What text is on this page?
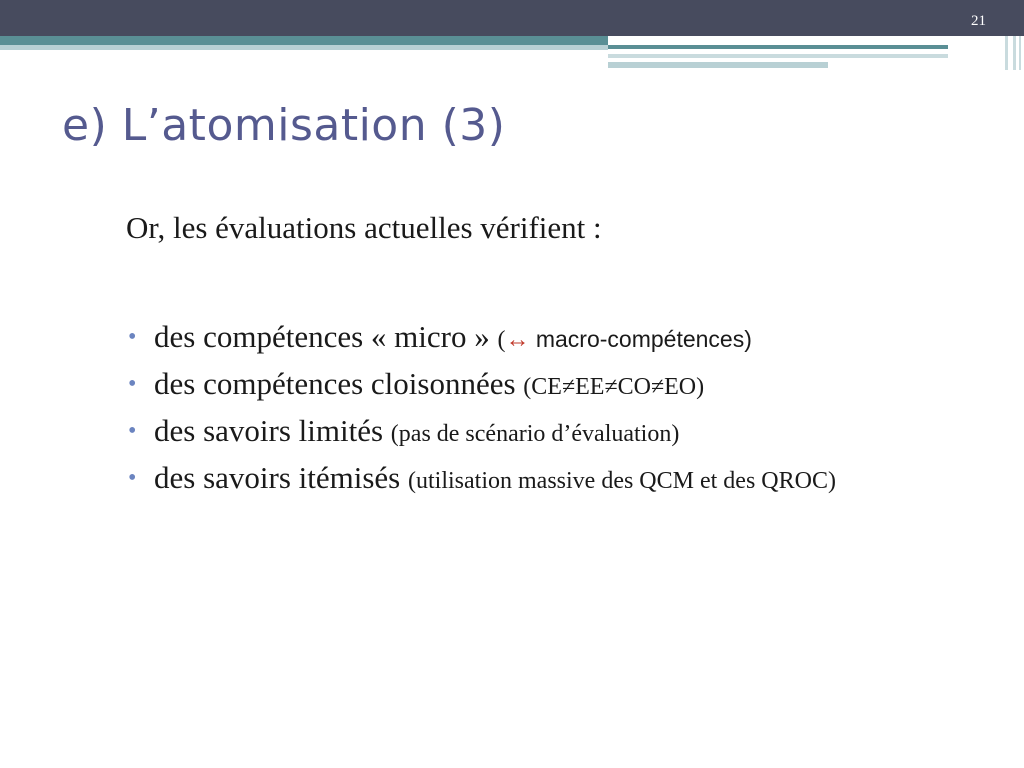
21
e) L’atomisation (3)
Or, les évaluations actuelles vérifient :
• des compétences « micro » (↔ macro-compétences)
• des compétences cloisonnées (CE≠EE≠CO≠EO)
• des savoirs limités (pas de scénario d’évaluation)
• des savoirs itémisés (utilisation massive des QCM et des QROC)
